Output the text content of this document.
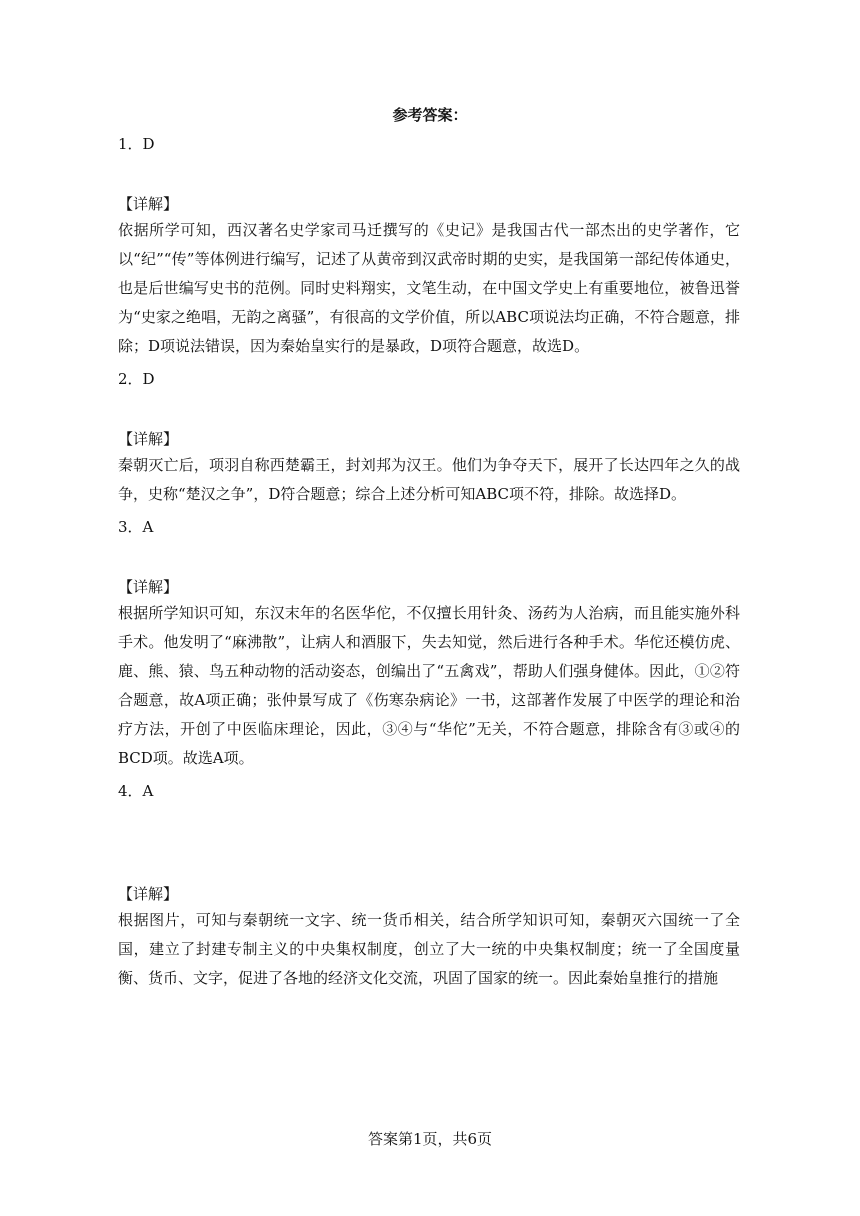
参考答案：
1．D
【详解】

依据所学可知，西汉著名史学家司马迁撰写的《史记》是我国古代一部杰出的史学著作，它以“纪”“传”等体例进行编写，记述了从黄帝到汉武帝时期的史实，是我国第一部纪传体通史，也是后世编写史书的范例。同时史料翔实，文笔生动，在中国文学史上有重要地位，被鲁迅誉为“史家之绝唱，无韵之离骚”，有很高的文学价值，所以ABC项说法均正确，不符合题意，排除；D项说法错误，因为秦始皇实行的是暴政，D项符合题意，故选D。

2．D
【详解】

秦朝灭亡后，项羽自称西楚霸王，封刘邦为汉王。他们为争夺天下，展开了长达四年之久的战争，史称“楚汉之争”，D符合题意；综合上述分析可知ABC项不符，排除。故选择D。

3．A
【详解】

根据所学知识可知，东汉末年的名医华佗，不仅擅长用针灸、汤药为人治病，而且能实施外科手术。他发明了“麻沸散”，让病人和酒服下，失去知觉，然后进行各种手术。华佗还模仿虎、鹿、熊、猿、鸟五种动物的活动姿态，创编出了“五禽戏”，帮助人们强身健体。因此，①②符合题意，故A项正确；张仲景写成了《伤寒杂病论》一书，这部著作发展了中医学的理论和治疗方法，开创了中医临床理论，因此，③④与“华佗”无关，不符合题意，排除含有③或④的BCD项。故选A项。

4．A
【详解】

根据图片，可知与秦朝统一文字、统一货币相关，结合所学知识可知，秦朝灭六国统一了全国，建立了封建专制主义的中央集权制度，创立了大一统的中央集权制度；统一了全国度量衡、货币、文字，促进了各地的经济文化交流，巩固了国家的统一。因此秦始皇推行的措施

答案第1页，共6页
